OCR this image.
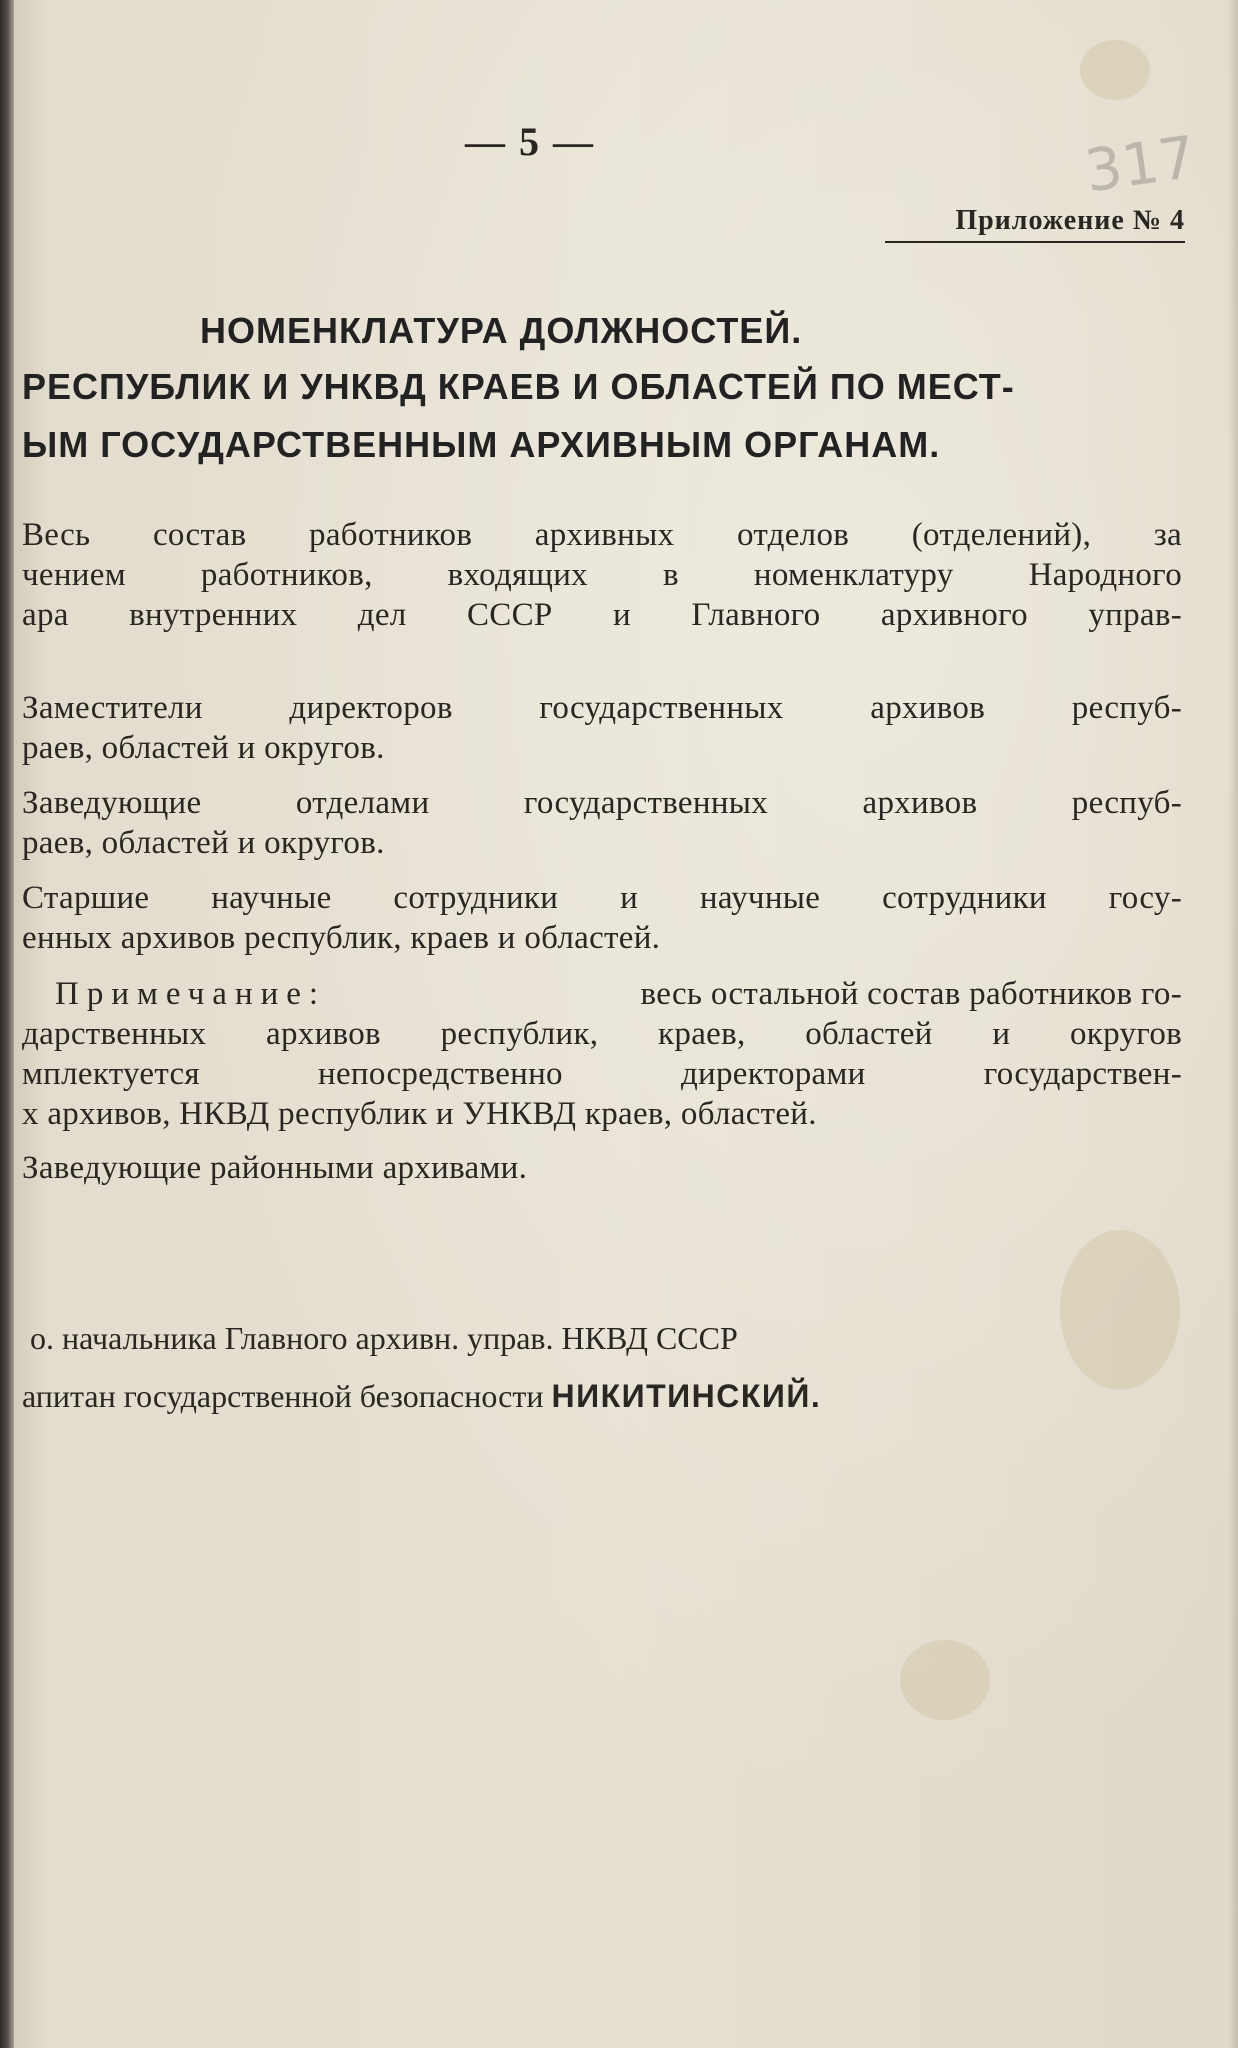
— 5 —	317
Приложение № 4
НОМЕНКЛАТУРА ДОЛЖНОСТЕЙ.
РЕСПУБЛИК И УНКВД КРАЕВ И ОБЛАСТЕЙ ПО МЕСТ-
ЫМ ГОСУДАРСТВЕННЫМ АРХИВНЫМ ОРГАНАМ.
Весь состав работников архивных отделов (отделений), за
чением работников, входящих в номенклатуру Народного
ара внутренних дел СССР и Главного архивного управ-
Заместители директоров государственных архивов респуб-
раев, областей и округов.
Заведующие отделами государственных архивов респуб-
раев, областей и округов.
Старшие научные сотрудники и научные сотрудники госу-
енных архивов республик, краев и областей.
Примечание:	весь остальной состав работников го-
дарственных архивов республик, краев, областей и округов
мплектуется непосредственно директорами государствен-
х архивов, НКВД республик и УНКВД краев, областей.
Заведующие районными архивами.
о. начальника Главного архивн. управ. НКВД СССР
апитан государственной безопасности НИКИТИНСКИЙ.
